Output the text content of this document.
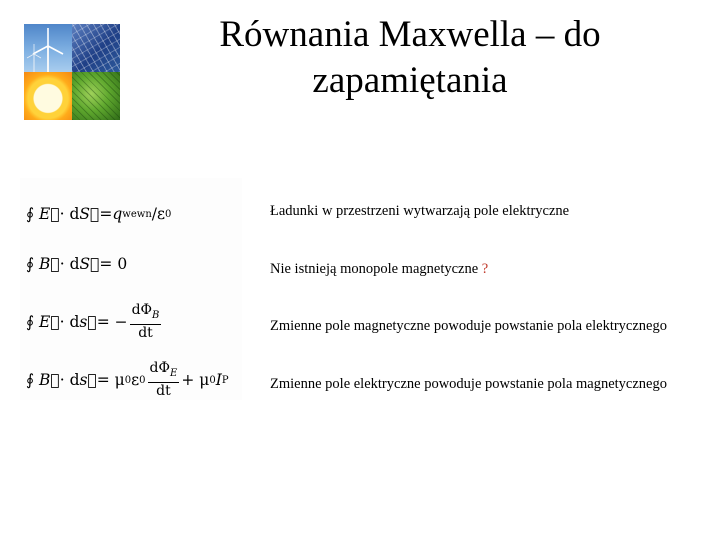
Równania Maxwella – do zapamiętania
∮
E⃗ · d S⃗ = q wewn /ε 0
∮
B⃗ · d S⃗ = 0
∮
E⃗ · d s⃗ = − $\frac{d\Phi_B}{dt}$
∮
B⃗ · d s⃗ = μ 0 ε $0 \frac{d\Phi_E}{dt} + \mu$ 0 I P

Ładunki w przestrzeni wytwarzają pole elektryczne

Nie istnieją monopole magnetyczne ?

Zmienne pole magnetyczne powoduje powstanie pola elektrycznego

Zmienne pole elektryczne powoduje powstanie pola magnetycznego
